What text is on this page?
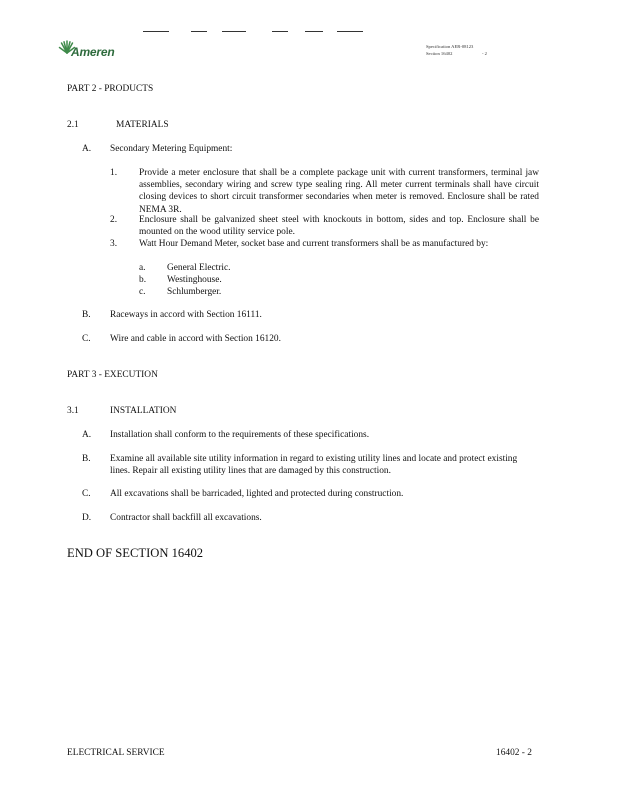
Ameren	Specification AER-08123
Section 16402	- 2
PART 2 - PRODUCTS
2.1	MATERIALS
A. Secondary Metering Equipment:
1. Provide a meter enclosure that shall be a complete package unit with current transformers, terminal jaw assemblies, secondary wiring and screw type sealing ring. All meter current terminals shall have circuit closing devices to short circuit transformer secondaries when meter is removed. Enclosure shall be rated NEMA 3R.
2. Enclosure shall be galvanized sheet steel with knockouts in bottom, sides and top. Enclosure shall be mounted on the wood utility service pole.
3. Watt Hour Demand Meter, socket base and current transformers shall be as manufactured by:
a. General Electric.
b. Westinghouse.
c. Schlumberger.
B. Raceways in accord with Section 16111.
C. Wire and cable in accord with Section 16120.
PART 3 - EXECUTION
3.1	INSTALLATION
A. Installation shall conform to the requirements of these specifications.
B. Examine all available site utility information in regard to existing utility lines and locate and protect existing lines. Repair all existing utility lines that are damaged by this construction.
C. All excavations shall be barricaded, lighted and protected during construction.
D. Contractor shall backfill all excavations.
END OF SECTION 16402
ELECTRICAL SERVICE	16402 - 2
